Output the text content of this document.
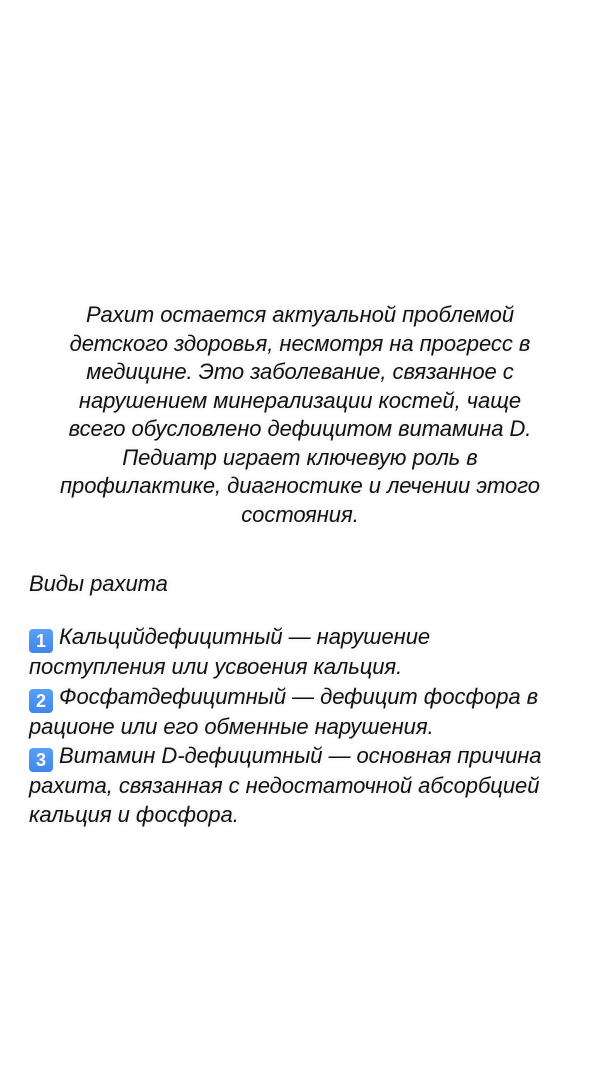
Рахит остается актуальной проблемой
детского здоровья, несмотря на прогресс в
медицине. Это заболевание, связанное с
нарушением минерализации костей, чаще
всего обусловлено дефицитом витамина D.
Педиатр играет ключевую роль в
профилактике, диагностике и лечении этого
состояния.
Виды рахита
1 Кальцийдефицитный — нарушение
поступления или усвоения кальция.
2 Фосфатдефицитный — дефицит фосфора в
рационе или его обменные нарушения.
3 Витамин D-дефицитный — основная причина
рахита, связанная с недостаточной абсорбцией
кальция и фосфора.
